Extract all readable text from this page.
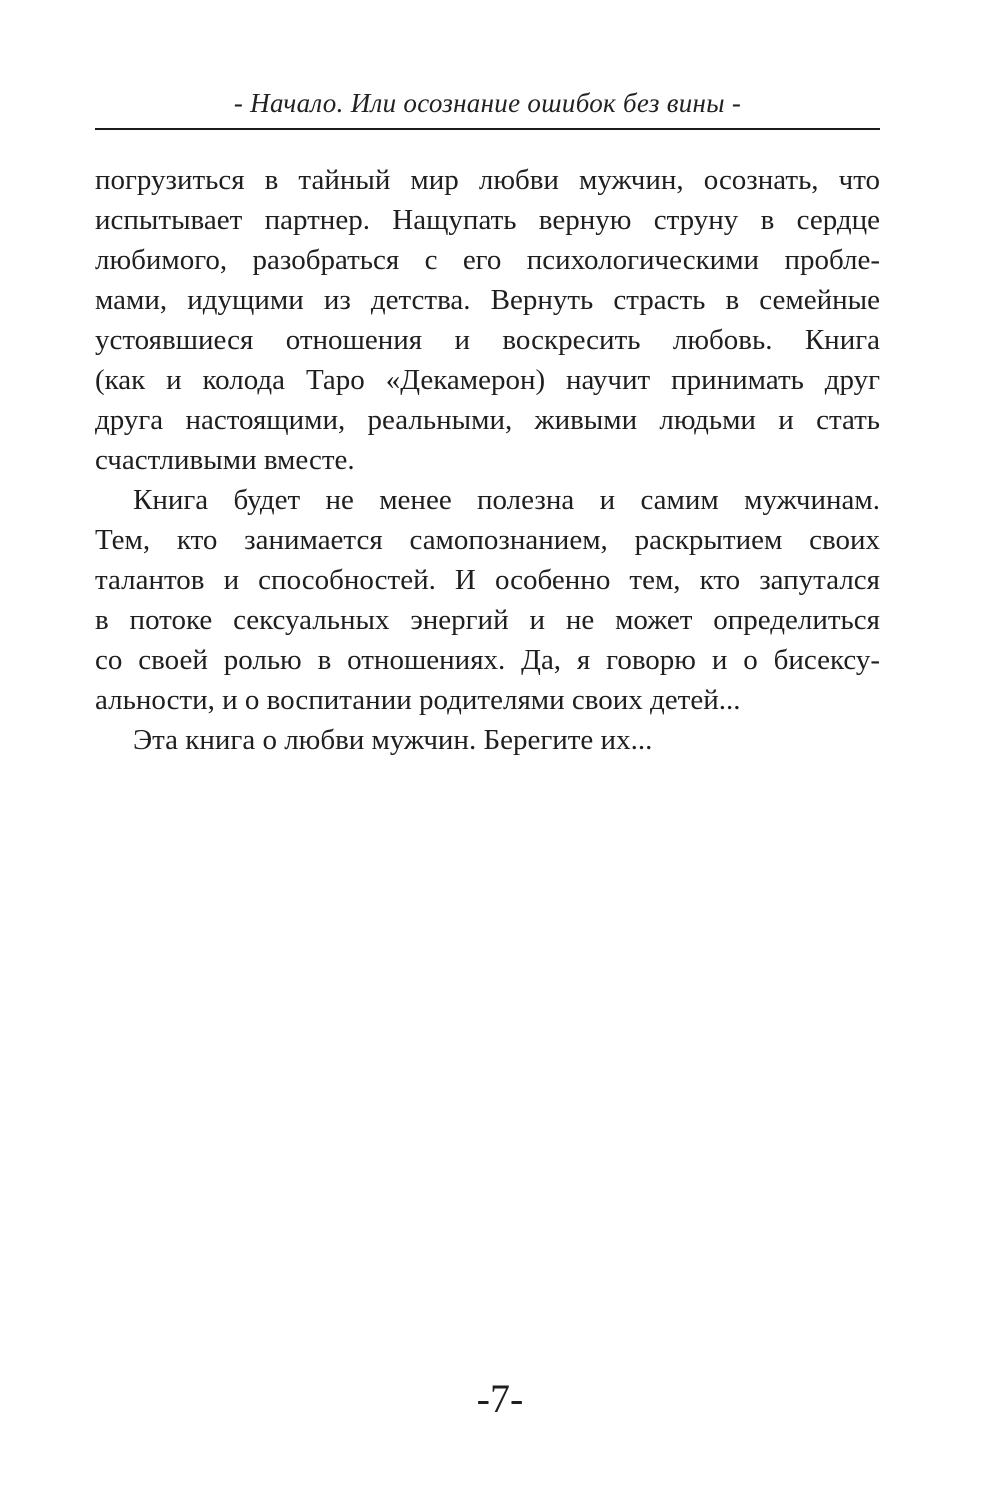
- Начало. Или осознание ошибок без вины -
погрузиться в тайный мир любви мужчин, осознать, что
испытывает партнер. Нащупать верную струну в сердце
любимого, разобраться с его психологическими пробле-
мами, идущими из детства. Вернуть страсть в семейные
устоявшиеся отношения и воскресить любовь. Книга
(как и колода Таро «Декамерон) научит принимать друг
друга настоящими, реальными, живыми людьми и стать
счастливыми вместе.
Книга будет не менее полезна и самим мужчинам.
Тем, кто занимается самопознанием, раскрытием своих
талантов и способностей. И особенно тем, кто запутался
в потоке сексуальных энергий и не может определиться
со своей ролью в отношениях. Да, я говорю и о бисексу-
альности, и о воспитании родителями своих детей...
Эта книга о любви мужчин. Берегите их...
-7-
